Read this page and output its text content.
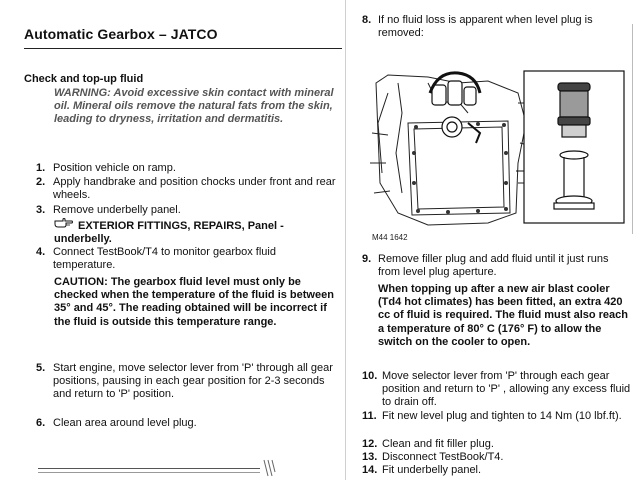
Automatic Gearbox – JATCO
Check and top-up fluid
WARNING: Avoid excessive skin contact with mineral oil. Mineral oils remove the natural fats from the skin, leading to dryness, irritation and dermatitis.
1. Position vehicle on ramp.
2. Apply handbrake and position chocks under front and rear wheels.
3. Remove underbelly panel.
EXTERIOR FITTINGS, REPAIRS, Panel - underbelly.
4. Connect TestBook/T4 to monitor gearbox fluid temperature.
CAUTION: The gearbox fluid level must only be checked when the temperature of the fluid is between 35° and 45°. The reading obtained will be incorrect if the fluid is outside this temperature range.
5. Start engine, move selector lever from 'P' through all gear positions, pausing in each gear position for 2-3 seconds and return to 'P' position.
6. Clean area around level plug.
8. If no fluid loss is apparent when level plug is removed:
M44 1642
9. Remove filler plug and add fluid until it just runs from level plug aperture.
When topping up after a new air blast cooler (Td4 hot climates) has been fitted, an extra 420 cc of fluid is required. The fluid must also reach a temperature of 80° C (176° F) to allow the switch on the cooler to open.
10. Move selector lever from 'P' through each gear position and return to 'P' , allowing any excess fluid to drain off.
11. Fit new level plug and tighten to 14 Nm (10 lbf.ft).
12. Clean and fit filler plug.
13. Disconnect TestBook/T4.
14. Fit underbelly panel.
